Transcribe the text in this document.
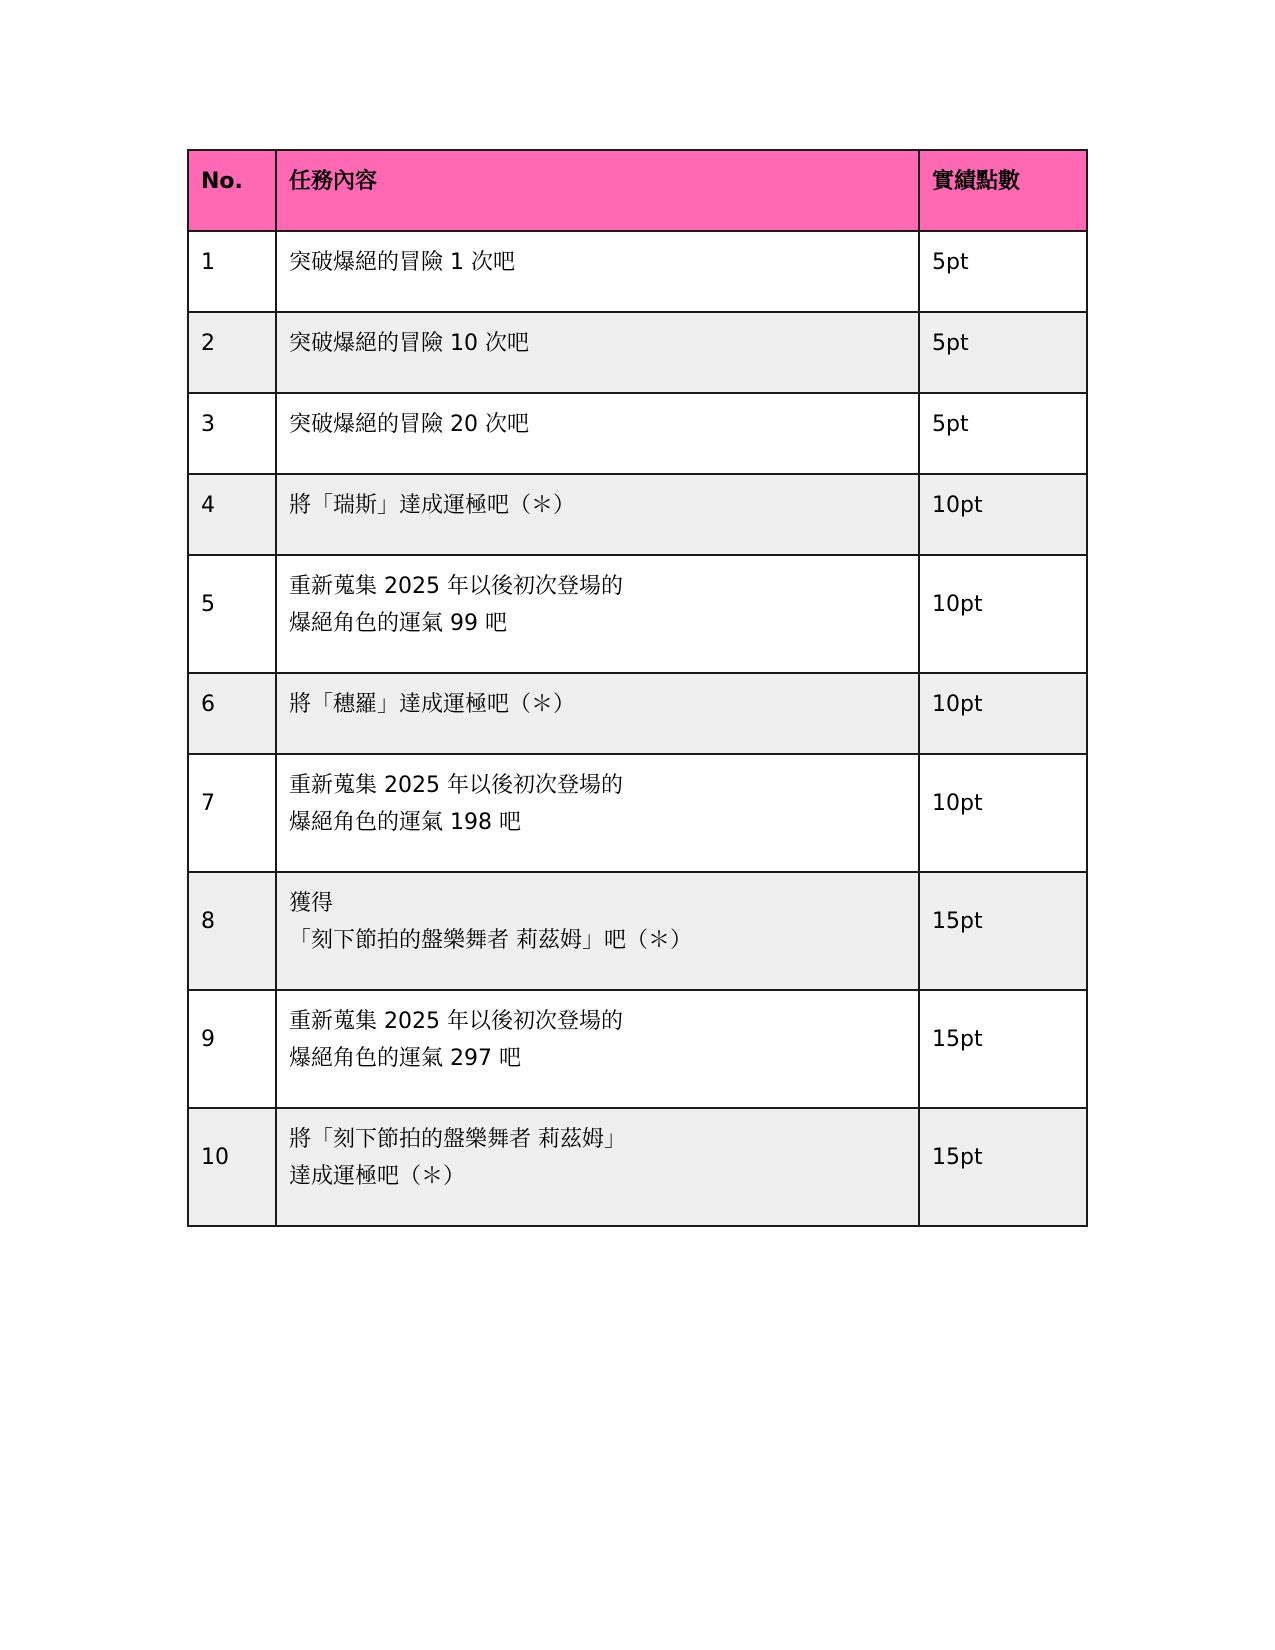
No.	任務內容	實績點數
1	突破爆絕的冒險 1 次吧	5pt
2	突破爆絕的冒險 10 次吧	5pt
3	突破爆絕的冒險 20 次吧	5pt
4	將「瑞斯」達成運極吧（＊）	10pt
5	重新蒐集 2025 年以後初次登場的
爆絕角色的運氣 99 吧	10pt
6	將「穗羅」達成運極吧（＊）	10pt
7	重新蒐集 2025 年以後初次登場的
爆絕角色的運氣 198 吧	10pt
8	獲得
「刻下節拍的盤樂舞者 莉茲姆」吧（＊）	15pt
9	重新蒐集 2025 年以後初次登場的
爆絕角色的運氣 297 吧	15pt
10	將「刻下節拍的盤樂舞者 莉茲姆」
達成運極吧（＊）	15pt
